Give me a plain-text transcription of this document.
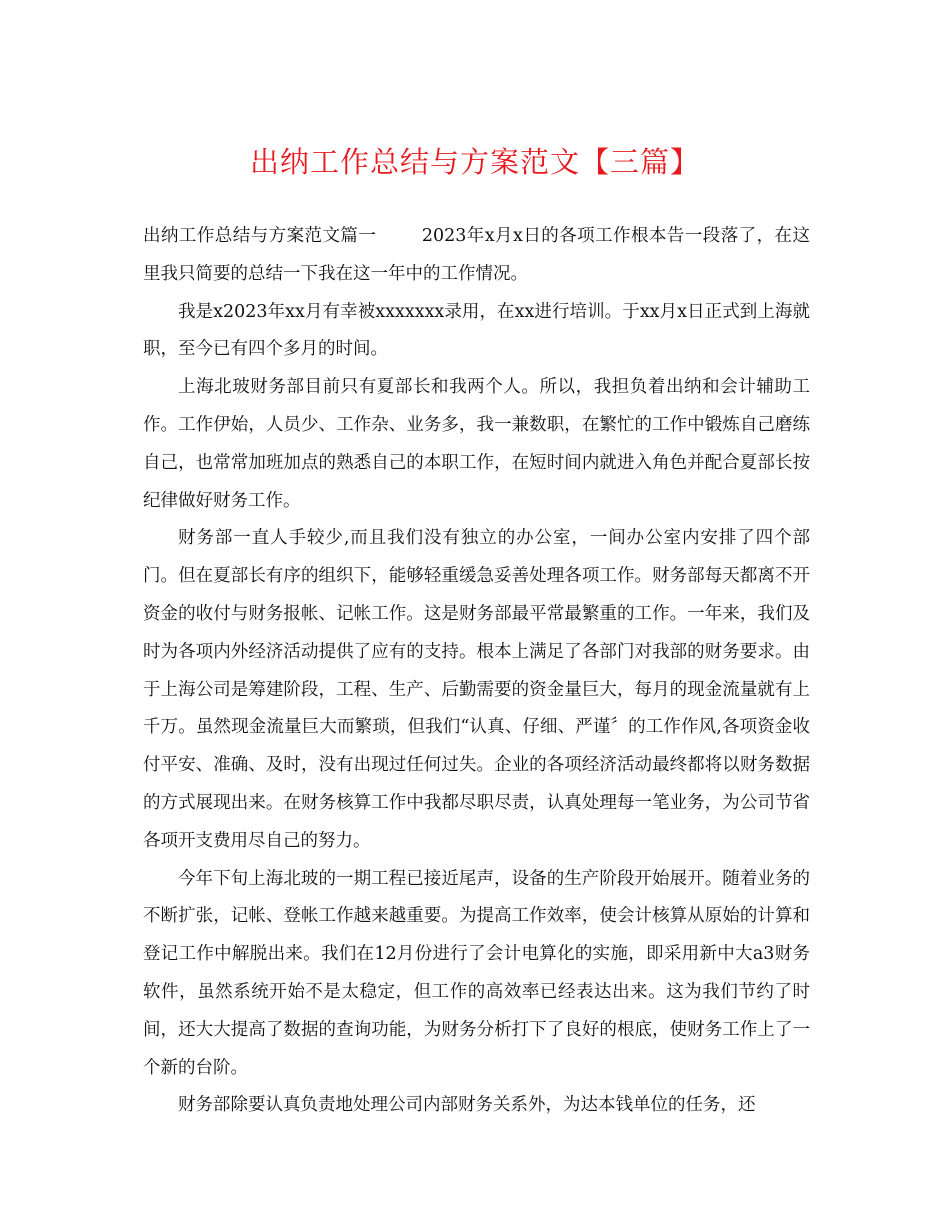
出纳工作总结与方案范文【三篇】

出纳工作总结与方案范文篇一	2023年x月x日的各项工作根本告一段落了，在这里我只简要的总结一下我在这一年中的工作情况。

我是x2023年xx月有幸被xxxxxxx录用，在xx进行培训。于xx月x日正式到上海就职，至今已有四个多月的时间。

上海北玻财务部目前只有夏部长和我两个人。所以，我担负着出纳和会计辅助工作。工作伊始，人员少、工作杂、业务多，我一兼数职，在繁忙的工作中锻炼自己磨练自己，也常常加班加点的熟悉自己的本职工作，在短时间内就进入角色并配合夏部长按纪律做好财务工作。

财务部一直人手较少,而且我们没有独立的办公室，一间办公室内安排了四个部门。但在夏部长有序的组织下，能够轻重缓急妥善处理各项工作。财务部每天都离不开资金的收付与财务报帐、记帐工作。这是财务部最平常最繁重的工作。一年来，我们及时为各项内外经济活动提供了应有的支持。根本上满足了各部门对我部的财务要求。由于上海公司是筹建阶段，工程、生产、后勤需要的资金量巨大，每月的现金流量就有上千万。虽然现金流量巨大而繁琐，但我们“认真、仔细、严谨〞的工作作风,各项资金收付平安、准确、及时，没有出现过任何过失。企业的各项经济活动最终都将以财务数据的方式展现出来。在财务核算工作中我都尽职尽责，认真处理每一笔业务，为公司节省各项开支费用尽自己的努力。

今年下旬上海北玻的一期工程已接近尾声，设备的生产阶段开始展开。随着业务的不断扩张，记帐、登帐工作越来越重要。为提高工作效率，使会计核算从原始的计算和登记工作中解脱出来。我们在12月份进行了会计电算化的实施，即采用新中大a3财务软件，虽然系统开始不是太稳定，但工作的高效率已经表达出来。这为我们节约了时间，还大大提高了数据的查询功能，为财务分析打下了良好的根底，使财务工作上了一个新的台阶。

财务部除要认真负责地处理公司内部财务关系外，为达本钱单位的任务，还
